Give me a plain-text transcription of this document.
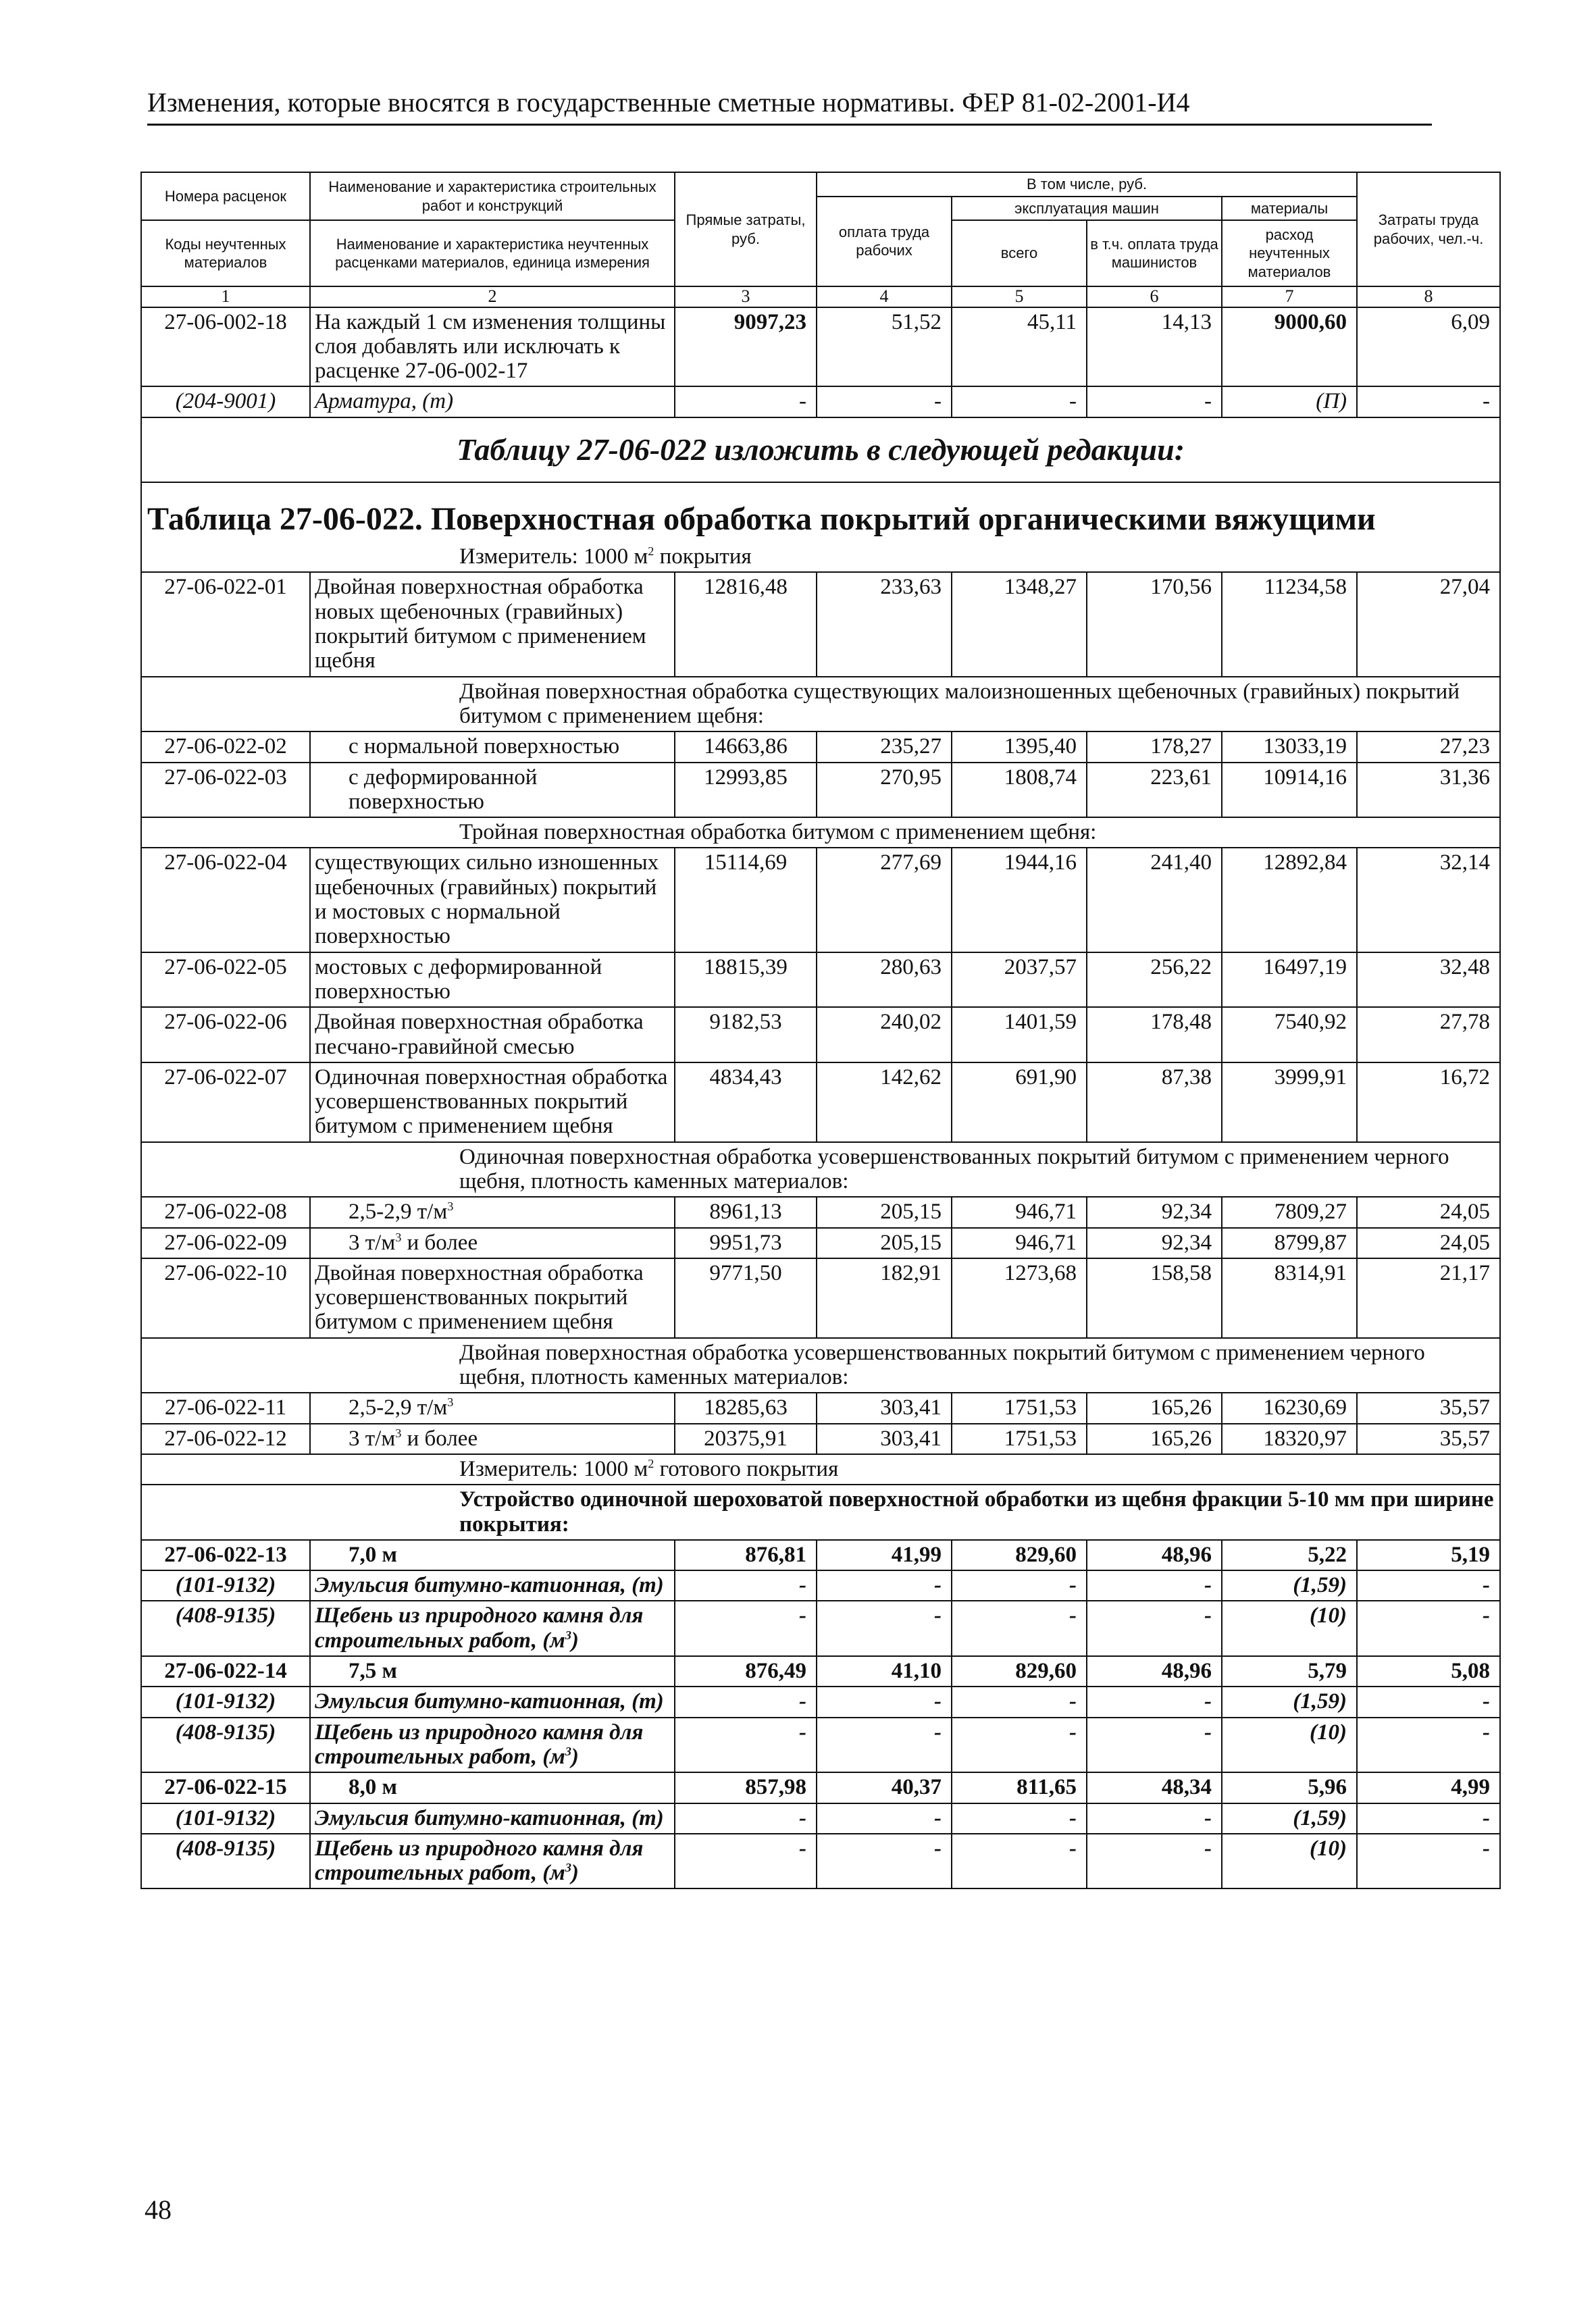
Изменения, которые вносятся в государственные сметные нормативы. ФЕР 81-02-2001-И4
Номера расценок	Наименование и характеристика строительных работ и конструкций	Прямые затраты, руб.	В том числе, руб.				Затраты труда рабочих, чел.-ч.
			оплата труда рабочих	эксплуатация машин		материалы	
				всего	в т.ч. оплата труда машинистов	расход неучтенных материалов	
Коды неучтенных материалов	Наименование и характеристика неучтенных расценками материалов, единица измерения						

1	2	3	4	5	6	7	8
27-06-002-18	На каждый 1 см изменения толщины слоя добавлять или исключать к расценке 27-06-002-17	9097,23	51,52	45,11	14,13	9000,60	6,09
(204-9001)	Арматура, (т)	-	-	-	-	(П)	-
Таблицу 27-06-022 изложить в следующей редакции:							
Таблица 27-06-022. Поверхностная обработка покрытий органическими вяжущими							
Измеритель: 1000 $м^2$ покрытия							
27-06-022-01	Двойная поверхностная обработка новых щебеночных (гравийных) покрытий битумом с применением щебня	12816,48	233,63	1348,27	170,56	11234,58	27,04
Двойная поверхностная обработка существующих малоизношенных щебеночных (гравийных) покрытий битумом с применением щебня:							
27-06-022-02	с нормальной поверхностью	14663,86	235,27	1395,40	178,27	13033,19	27,23
27-06-022-03	с деформированной поверхностью	12993,85	270,95	1808,74	223,61	10914,16	31,36
Тройная поверхностная обработка битумом с применением щебня:							
27-06-022-04	существующих сильно изношенных щебеночных (гравийных) покрытий и мостовых с нормальной поверхностью	15114,69	277,69	1944,16	241,40	12892,84	32,14
27-06-022-05	мостовых с деформированной поверхностью	18815,39	280,63	2037,57	256,22	16497,19	32,48
27-06-022-06	Двойная поверхностная обработка песчано-гравийной смесью	9182,53	240,02	1401,59	178,48	7540,92	27,78
27-06-022-07	Одиночная поверхностная обработка усовершенствованных покрытий битумом с применением щебня	4834,43	142,62	691,90	87,38	3999,91	16,72
Одиночная поверхностная обработка усовершенствованных покрытий битумом с применением черного щебня, плотность каменных материалов:							
27-06-022-08	2,5-2,9 $т/м^3$	8961,13	205,15	946,71	92,34	7809,27	24,05
27-06-022-09	3 $т/м^3$ и более	9951,73	205,15	946,71	92,34	8799,87	24,05
27-06-022-10	Двойная поверхностная обработка усовершенствованных покрытий битумом с применением щебня	9771,50	182,91	1273,68	158,58	8314,91	21,17
Двойная поверхностная обработка усовершенствованных покрытий битумом с применением черного щебня, плотность каменных материалов:							
27-06-022-11	2,5-2,9 $т/м^3$	18285,63	303,41	1751,53	165,26	16230,69	35,57
27-06-022-12	3 $т/м^3$ и более	20375,91	303,41	1751,53	165,26	18320,97	35,57
Измеритель: 1000 $м^2$ готового покрытия							
Устройство одиночной шероховатой поверхностной обработки из щебня фракции 5-10 мм при ширине покрытия:							
27-06-022-13	7,0 м	876,81	41,99	829,60	48,96	5,22	5,19
(101-9132)	Эмульсия битумно-катионная, (т)	-	-	-	-	(1,59)	-
(408-9135)	Щебень из природного камня для строительных работ, $(м^3)$	-	-	-	-	(10)	-
27-06-022-14	7,5 м	876,49	41,10	829,60	48,96	5,79	5,08
(101-9132)	Эмульсия битумно-катионная, (т)	-	-	-	-	(1,59)	-
(408-9135)	Щебень из природного камня для строительных работ, $(м^3)$	-	-	-	-	(10)	-
27-06-022-15	8,0 м	857,98	40,37	811,65	48,34	5,96	4,99
(101-9132)	Эмульсия битумно-катионная, (т)	-	-	-	-	(1,59)	-
(408-9135)	Щебень из природного камня для строительных работ, $(м^3)$	-	-	-	-	(10)	-
48
